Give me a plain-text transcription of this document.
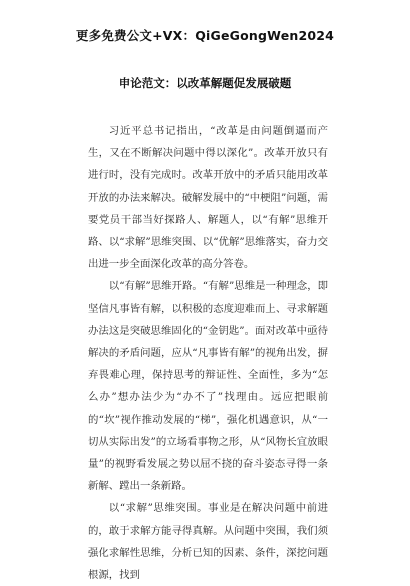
更多免费公文+VX：QiGeGongWen2024
申论范文：以改革解题促发展破题

习近平总书记指出，“改革是由问题倒逼而产生，又在不断解决问题中得以深化”。改革开放只有进行时，没有完成时。改革开放中的矛盾只能用改革开放的办法来解决。破解发展中的“中梗阻”问题，需要党员干部当好探路人、解题人，以“有解”思维开路、以“求解”思维突围、以“优解”思维落实，奋力交出进一步全面深化改革的高分答卷。

以“有解”思维开路。“有解”思维是一种理念，即坚信凡事皆有解，以积极的态度迎难而上、寻求解题办法这是突破思维固化的“金钥匙”。面对改革中亟待解决的矛盾问题，应从“凡事皆有解”的视角出发，摒弃畏难心理，保持思考的辩证性、全面性，多为“怎么办”想办法少为“办不了”找理由。远应把眼前的“坎”视作推动发展的“梯”，强化机遇意识，从“一切从实际出发”的立场看事物之形，从“风物长宜放眼量”的视野看发展之势以屈不挠的奋斗姿态寻得一条新解、蹚出一条新路。

以“求解”思维突围。事业是在解决问题中前进的，敢于求解方能寻得真解。从问题中突围，我们须强化求解性思维，分析已知的因素、条件，深挖问题根源，找到
